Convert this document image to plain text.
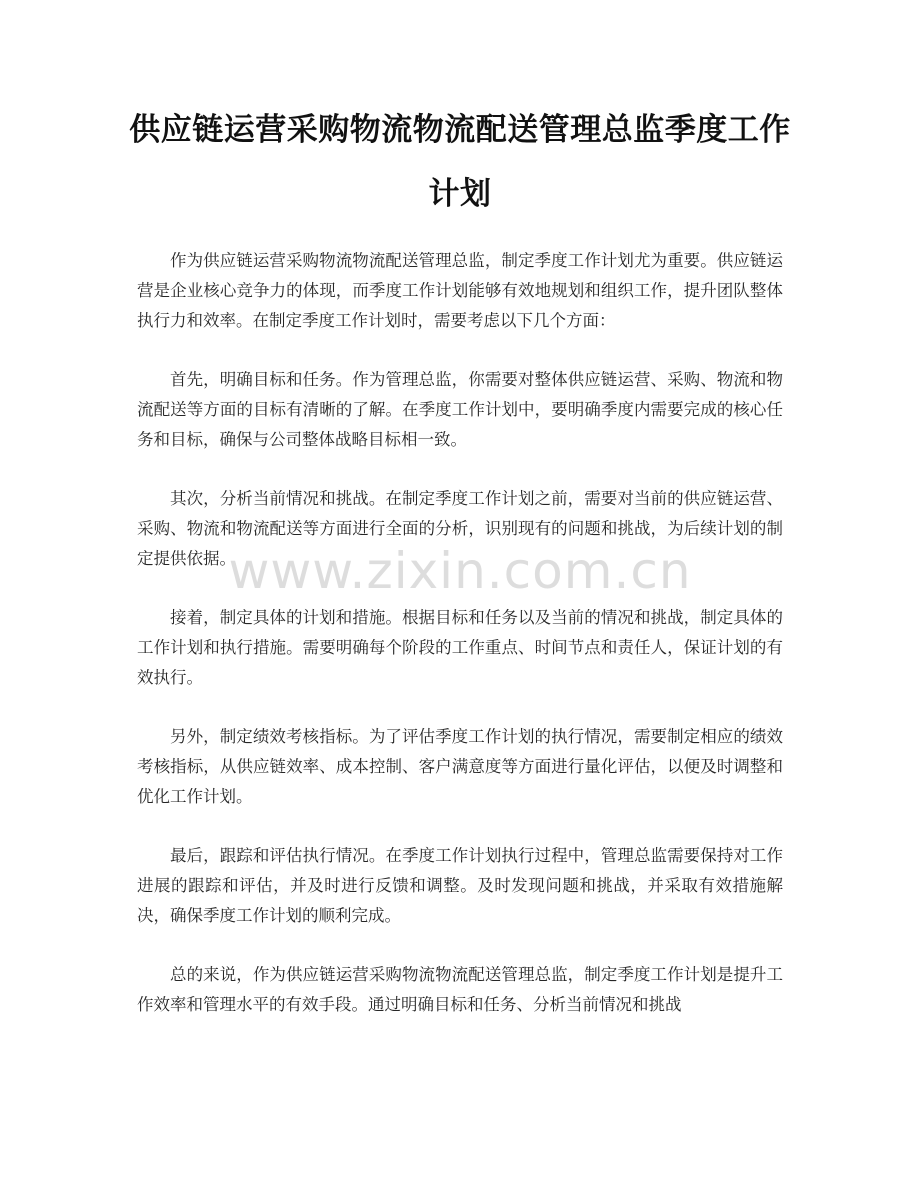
供应链运营采购物流物流配送管理总监季度工作计划

作为供应链运营采购物流物流配送管理总监，制定季度工作计划尤为重要。供应链运营是企业核心竞争力的体现，而季度工作计划能够有效地规划和组织工作，提升团队整体执行力和效率。在制定季度工作计划时，需要考虑以下几个方面：

首先，明确目标和任务。作为管理总监，你需要对整体供应链运营、采购、物流和物流配送等方面的目标有清晰的了解。在季度工作计划中，要明确季度内需要完成的核心任务和目标，确保与公司整体战略目标相一致。

其次，分析当前情况和挑战。在制定季度工作计划之前，需要对当前的供应链运营、采购、物流和物流配送等方面进行全面的分析，识别现有的问题和挑战，为后续计划的制定提供依据。

接着，制定具体的计划和措施。根据目标和任务以及当前的情况和挑战，制定具体的工作计划和执行措施。需要明确每个阶段的工作重点、时间节点和责任人，保证计划的有效执行。

另外，制定绩效考核指标。为了评估季度工作计划的执行情况，需要制定相应的绩效考核指标，从供应链效率、成本控制、客户满意度等方面进行量化评估，以便及时调整和优化工作计划。

最后，跟踪和评估执行情况。在季度工作计划执行过程中，管理总监需要保持对工作进展的跟踪和评估，并及时进行反馈和调整。及时发现问题和挑战，并采取有效措施解决，确保季度工作计划的顺利完成。

总的来说，作为供应链运营采购物流物流配送管理总监，制定季度工作计划是提升工作效率和管理水平的有效手段。通过明确目标和任务、分析当前情况和挑战

www.zixin.com.cn
